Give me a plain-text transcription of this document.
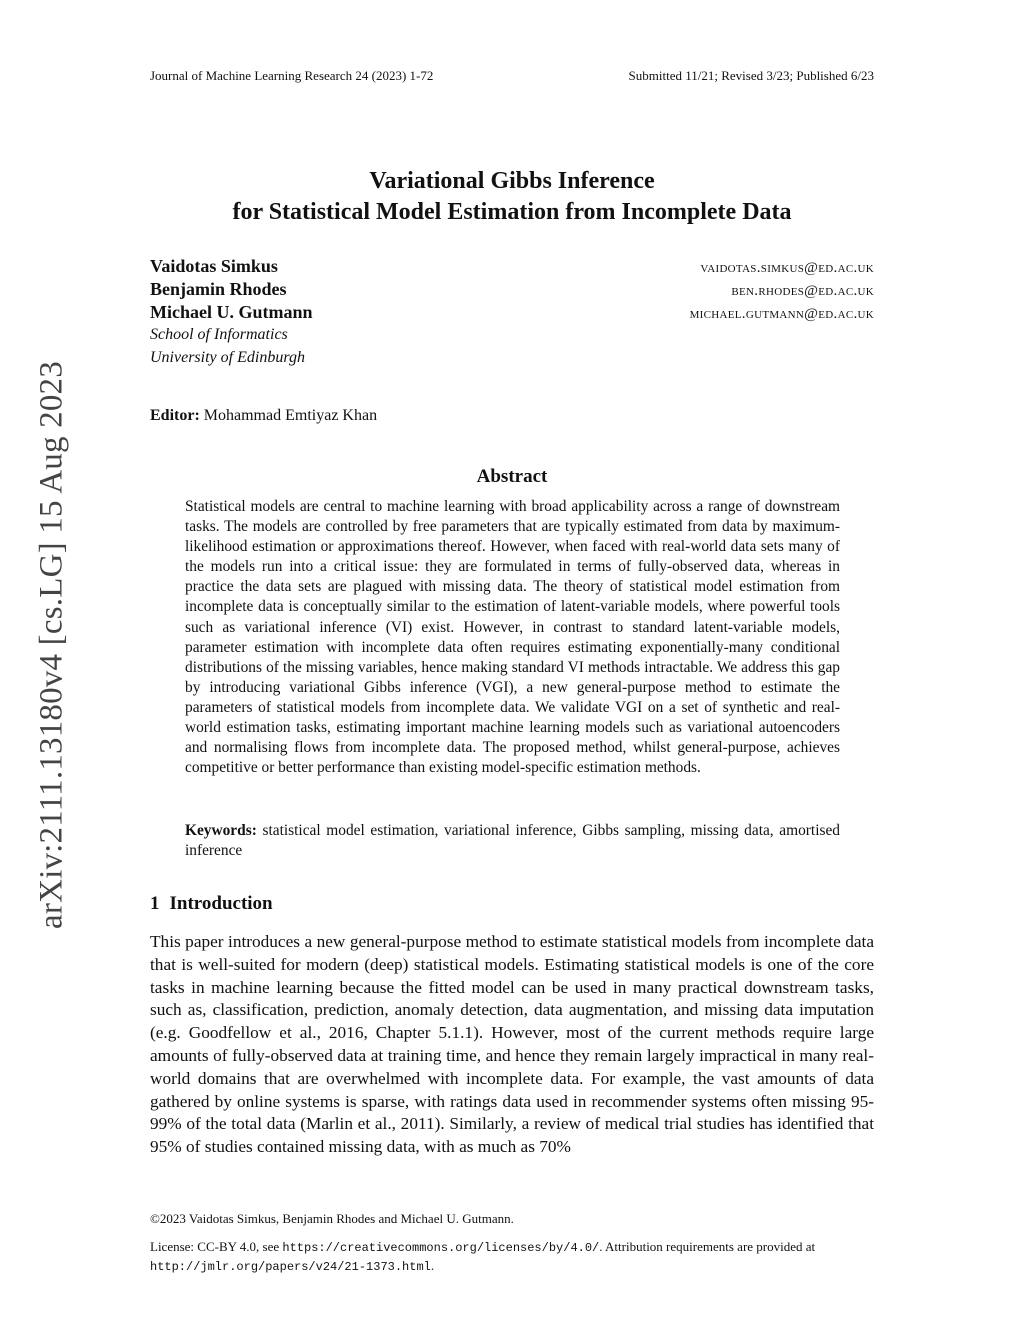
Journal of Machine Learning Research 24 (2023) 1-72	Submitted 11/21; Revised 3/23; Published 6/23
Variational Gibbs Inference
for Statistical Model Estimation from Incomplete Data
Vaidotas Simkus	vaidotas.simkus@ed.ac.uk
Benjamin Rhodes	ben.rhodes@ed.ac.uk
Michael U. Gutmann	michael.gutmann@ed.ac.uk
School of Informatics
University of Edinburgh
Editor: Mohammad Emtiyaz Khan
Abstract
Statistical models are central to machine learning with broad applicability across a range of downstream tasks. The models are controlled by free parameters that are typically estimated from data by maximum-likelihood estimation or approximations thereof. However, when faced with real-world data sets many of the models run into a critical issue: they are formulated in terms of fully-observed data, whereas in practice the data sets are plagued with missing data. The theory of statistical model estimation from incomplete data is conceptually similar to the estimation of latent-variable models, where powerful tools such as variational inference (VI) exist. However, in contrast to standard latent-variable models, parameter estimation with incomplete data often requires estimating exponentially-many conditional distributions of the missing variables, hence making standard VI methods intractable. We address this gap by introducing variational Gibbs inference (VGI), a new general-purpose method to estimate the parameters of statistical models from incomplete data. We validate VGI on a set of synthetic and real-world estimation tasks, estimating important machine learning models such as variational autoencoders and normalising flows from incomplete data. The proposed method, whilst general-purpose, achieves competitive or better performance than existing model-specific estimation methods.
Keywords: statistical model estimation, variational inference, Gibbs sampling, missing data, amortised inference
1 Introduction
This paper introduces a new general-purpose method to estimate statistical models from incomplete data that is well-suited for modern (deep) statistical models. Estimating statistical models is one of the core tasks in machine learning because the fitted model can be used in many practical downstream tasks, such as, classification, prediction, anomaly detection, data augmentation, and missing data imputation (e.g. Goodfellow et al., 2016, Chapter 5.1.1). However, most of the current methods require large amounts of fully-observed data at training time, and hence they remain largely impractical in many real-world domains that are overwhelmed with incomplete data. For example, the vast amounts of data gathered by online systems is sparse, with ratings data used in recommender systems often missing 95-99% of the total data (Marlin et al., 2011). Similarly, a review of medical trial studies has identified that 95% of studies contained missing data, with as much as 70%
©2023 Vaidotas Simkus, Benjamin Rhodes and Michael U. Gutmann.
License: CC-BY 4.0, see https://creativecommons.org/licenses/by/4.0/. Attribution requirements are provided at http://jmlr.org/papers/v24/21-1373.html.
arXiv:2111.13180v4 [cs.LG] 15 Aug 2023
